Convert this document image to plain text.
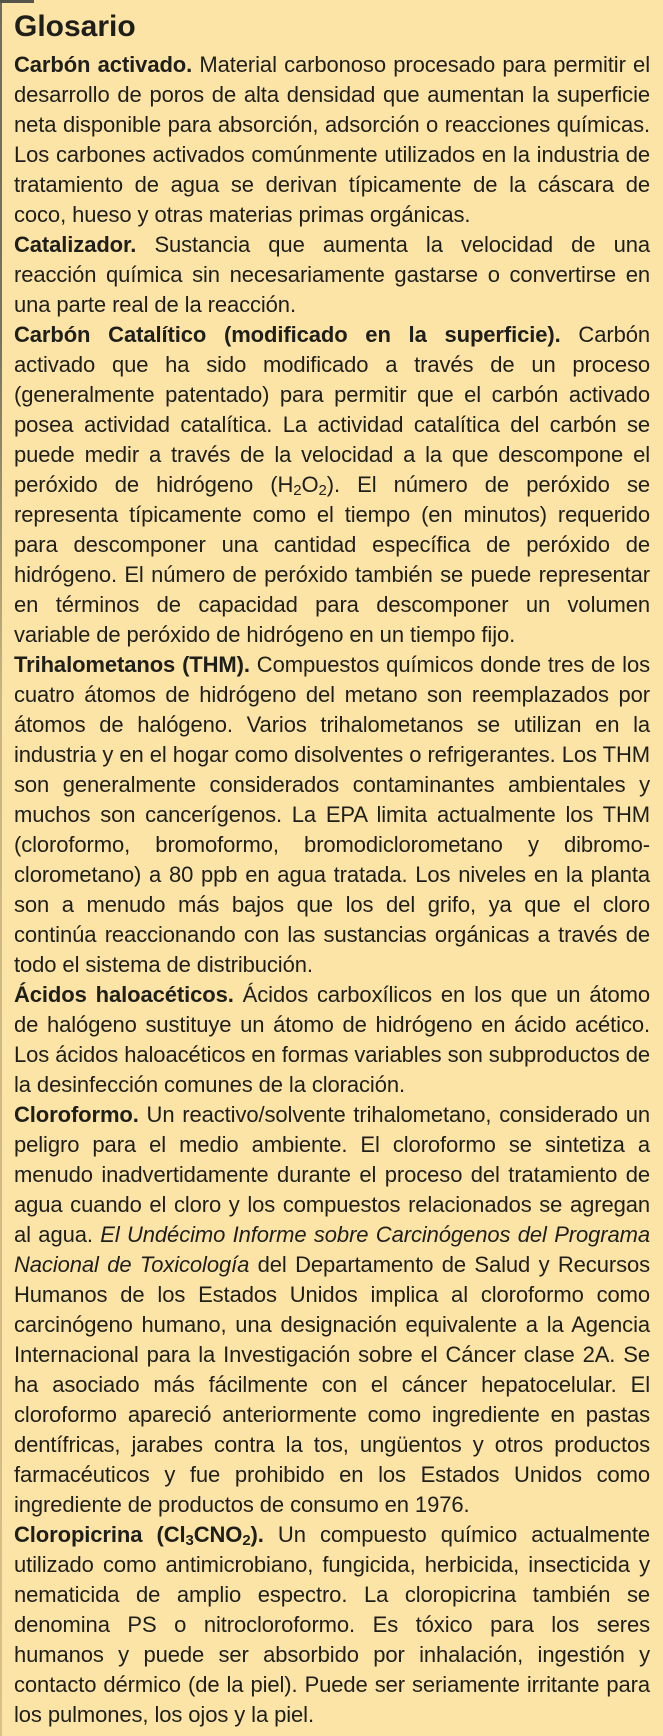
Glosario

Carbón activado. Material carbonoso procesado para permitir el desarrollo de poros de alta densidad que aumentan la superficie neta disponible para absorción, adsorción o reacciones químicas. Los carbones activados comúnmente utilizados en la industria de tratamiento de agua se derivan típicamente de la cáscara de coco, hueso y otras materias primas orgánicas.

Catalizador. Sustancia que aumenta la velocidad de una reacción química sin necesariamente gastarse o convertirse en una parte real de la reacción.

Carbón Catalítico (modificado en la superficie). Carbón activado que ha sido modificado a través de un proceso (generalmente patentado) para permitir que el carbón activado posea actividad catalítica. La actividad catalítica del carbón se puede medir a través de la velocidad a la que descompone el peróxido de hidrógeno $(H_2O_2)$. El número de peróxido se representa típicamente como el tiempo (en minutos) requerido para descomponer una cantidad específica de peróxido de hidrógeno. El número de peróxido también se puede representar en términos de capacidad para descomponer un volumen variable de peróxido de hidrógeno en un tiempo fijo.

Trihalometanos (THM). Compuestos químicos donde tres de los cuatro átomos de hidrógeno del metano son reemplazados por átomos de halógeno. Varios trihalometanos se utilizan en la industria y en el hogar como disolventes o refrigerantes. Los THM son generalmente considerados contaminantes ambientales y muchos son cancerígenos. La EPA limita actualmente los THM (cloroformo, bromoformo, bromodiclorometano y dibromo-clorometano) a 80 ppb en agua tratada. Los niveles en la planta son a menudo más bajos que los del grifo, ya que el cloro continúa reaccionando con las sustancias orgánicas a través de todo el sistema de distribución.

Ácidos haloacéticos. Ácidos carboxílicos en los que un átomo de halógeno sustituye un átomo de hidrógeno en ácido acético. Los ácidos haloacéticos en formas variables son subproductos de la desinfección comunes de la cloración.

Cloroformo. Un reactivo/solvente trihalometano, considerado un peligro para el medio ambiente. El cloroformo se sintetiza a menudo inadvertidamente durante el proceso del tratamiento de agua cuando el cloro y los compuestos relacionados se agregan al agua. El Undécimo Informe sobre Carcinógenos del Programa Nacional de Toxicología del Departamento de Salud y Recursos Humanos de los Estados Unidos implica al cloroformo como carcinógeno humano, una designación equivalente a la Agencia Internacional para la Investigación sobre el Cáncer clase 2A. Se ha asociado más fácilmente con el cáncer hepatocelular. El cloroformo apareció anteriormente como ingrediente en pastas dentífricas, jarabes contra la tos, ungüentos y otros productos farmacéuticos y fue prohibido en los Estados Unidos como ingrediente de productos de consumo en 1976.

Cloropicrina $(Cl_3CNO_2)$. Un compuesto químico actualmente utilizado como antimicrobiano, fungicida, herbicida, insecticida y nematicida de amplio espectro. La cloropicrina también se denomina PS o nitrocloroformo. Es tóxico para los seres humanos y puede ser absorbido por inhalación, ingestión y contacto dérmico (de la piel). Puede ser seriamente irritante para los pulmones, los ojos y la piel.
